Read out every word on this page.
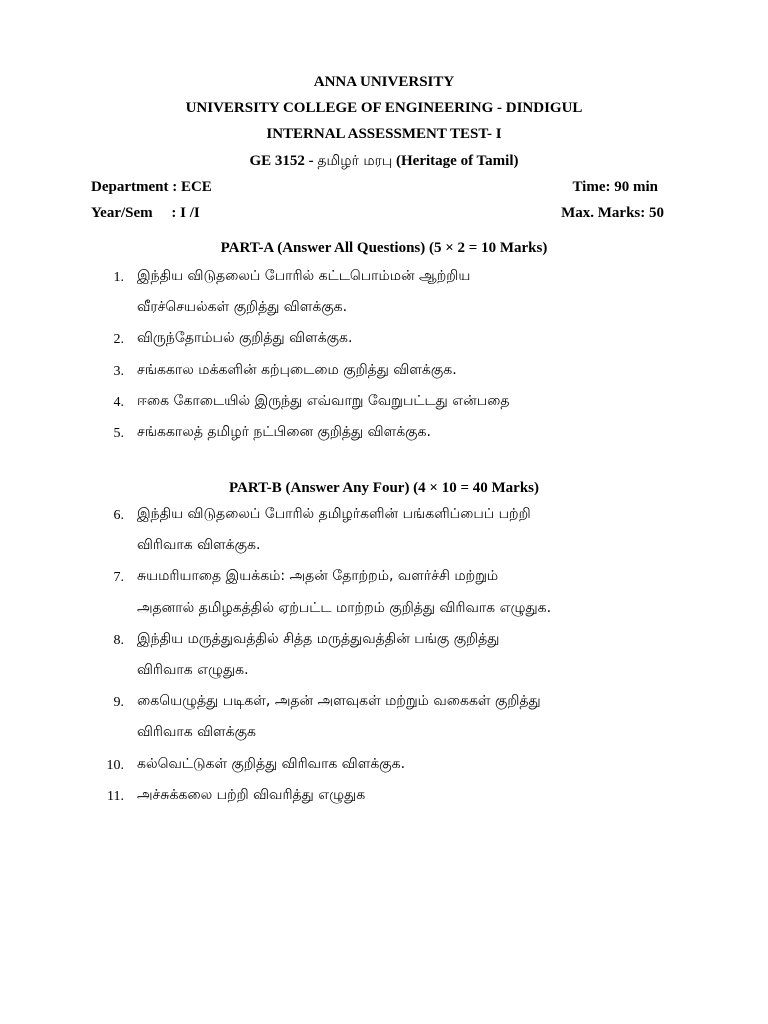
ANNA UNIVERSITY
UNIVERSITY COLLEGE OF ENGINEERING - DINDIGUL
INTERNAL ASSESSMENT TEST- I
GE 3152 - தமிழர் மரபு (Heritage of Tamil)
Department : ECE	Time: 90 min
Year/Sem     : I /I	Max. Marks: 50
PART-A (Answer All Questions) (5 × 2 = 10 Marks)
1. இந்திய விடுதலைப் போரில் கட்டபொம்மன் ஆற்றிய
வீரச்செயல்கள் குறித்து விளக்குக.
2. விருந்தோம்பல் குறித்து விளக்குக.
3. சங்ககால மக்களின் கற்புடைமை குறித்து விளக்குக.
4. ஈகை கோடையில் இருந்து எவ்வாறு வேறுபட்டது என்பதை
5. சங்ககாலத் தமிழர் நட்பினை குறித்து விளக்குக.
PART-B (Answer Any Four) (4 × 10 = 40 Marks)
6. இந்திய விடுதலைப் போரில் தமிழர்களின் பங்களிப்பைப் பற்றி
விரிவாக விளக்குக.
7. சுயமரியாதை இயக்கம்: அதன் தோற்றம், வளர்ச்சி மற்றும்
அதனால் தமிழகத்தில் ஏற்பட்ட மாற்றம் குறித்து விரிவாக எழுதுக.
8. இந்திய மருத்துவத்தில் சித்த மருத்துவத்தின் பங்கு குறித்து
விரிவாக எழுதுக.
9. கையெழுத்து படிகள், அதன் அளவுகள் மற்றும் வகைகள் குறித்து
விரிவாக விளக்குக
10. கல்வெட்டுகள் குறித்து விரிவாக விளக்குக.
11. அச்சுக்கலை பற்றி விவரித்து எழுதுக
